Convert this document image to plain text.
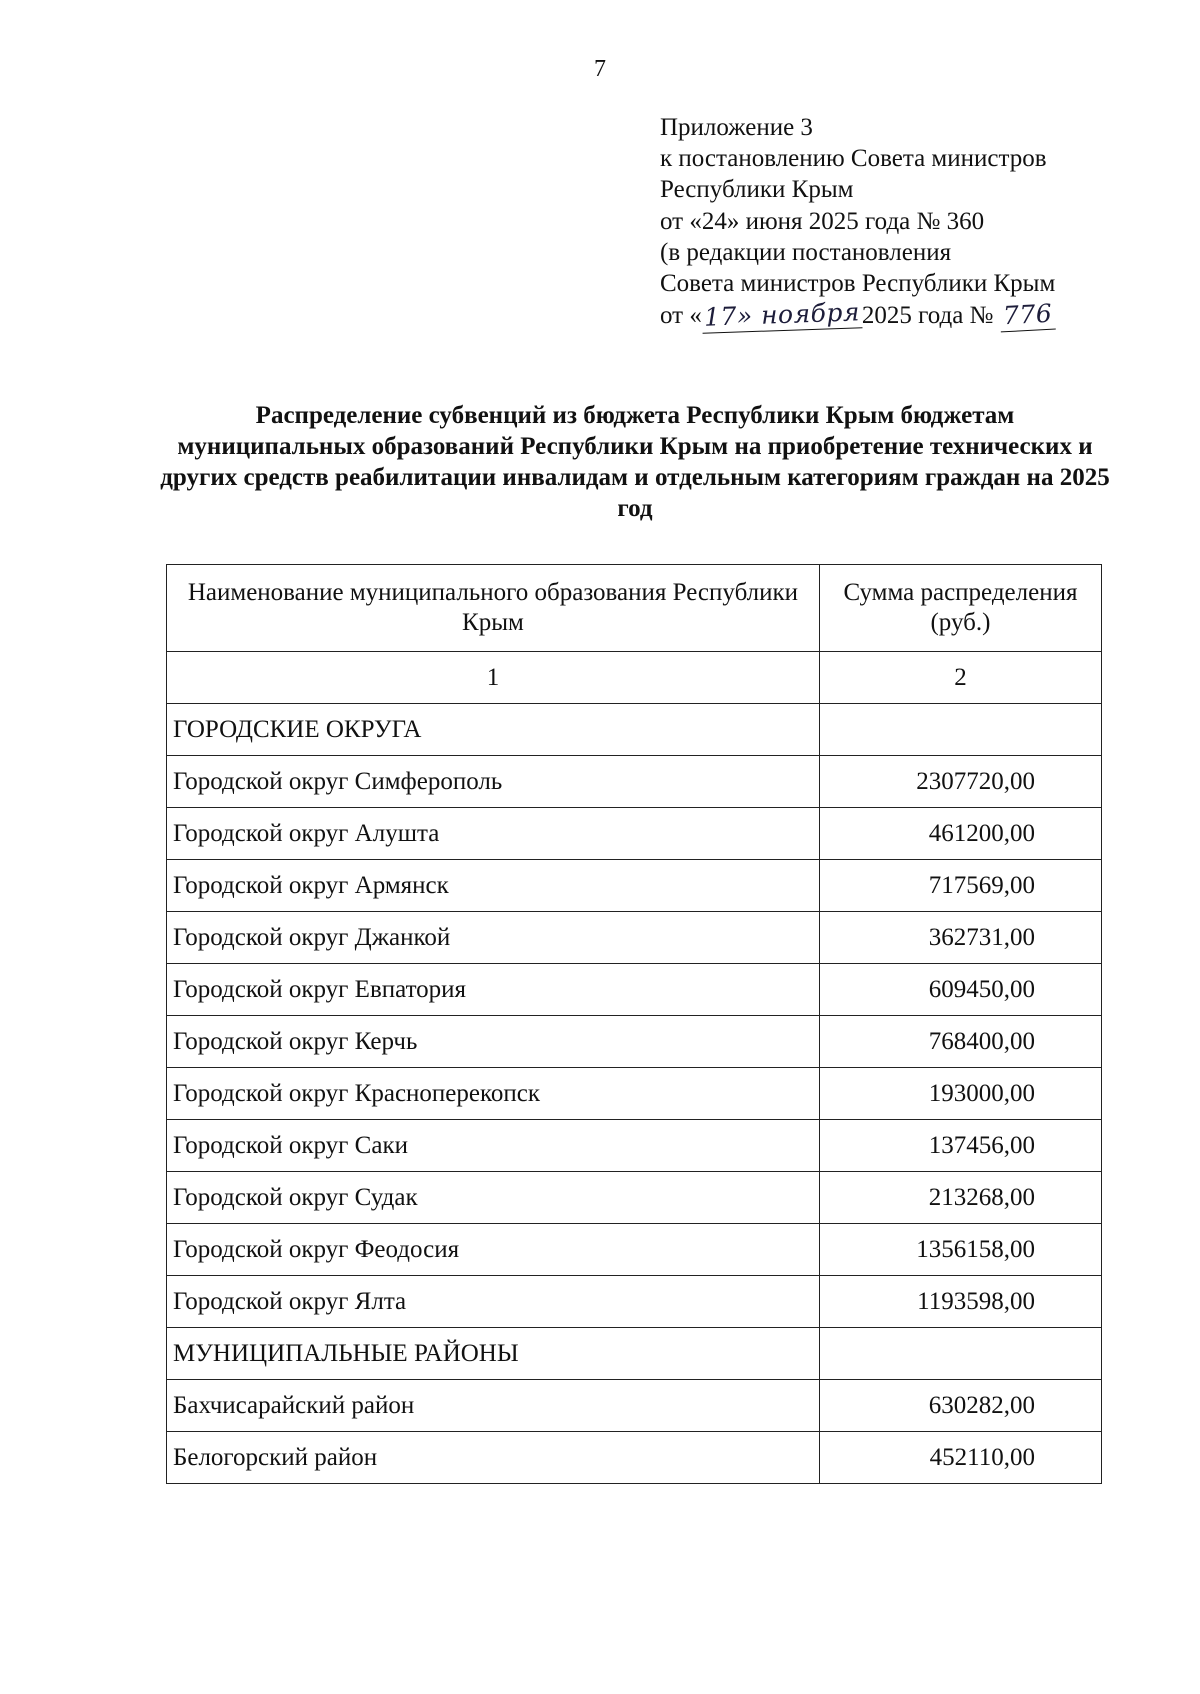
7
Приложение 3
к постановлению Совета министров
Республики Крым
от «24» июня 2025 года № 360
(в редакции постановления
Совета министров Республики Крым
от «17» ноября2025 года № 776
Распределение субвенций из бюджета Республики Крым бюджетам муниципальных образований Республики Крым на приобретение технических и других средств реабилитации инвалидам и отдельным категориям граждан на 2025 год
Наименование муниципального образования Республики Крым	Сумма распределения (руб.)
1	2
ГОРОДСКИЕ ОКРУГА	
Городской округ Симферополь	2307720,00
Городской округ Алушта	461200,00
Городской округ Армянск	717569,00
Городской округ Джанкой	362731,00
Городской округ Евпатория	609450,00
Городской округ Керчь	768400,00
Городской округ Красноперекопск	193000,00
Городской округ Саки	137456,00
Городской округ Судак	213268,00
Городской округ Феодосия	1356158,00
Городской округ Ялта	1193598,00
МУНИЦИПАЛЬНЫЕ РАЙОНЫ	
Бахчисарайский район	630282,00
Белогорский район	452110,00
